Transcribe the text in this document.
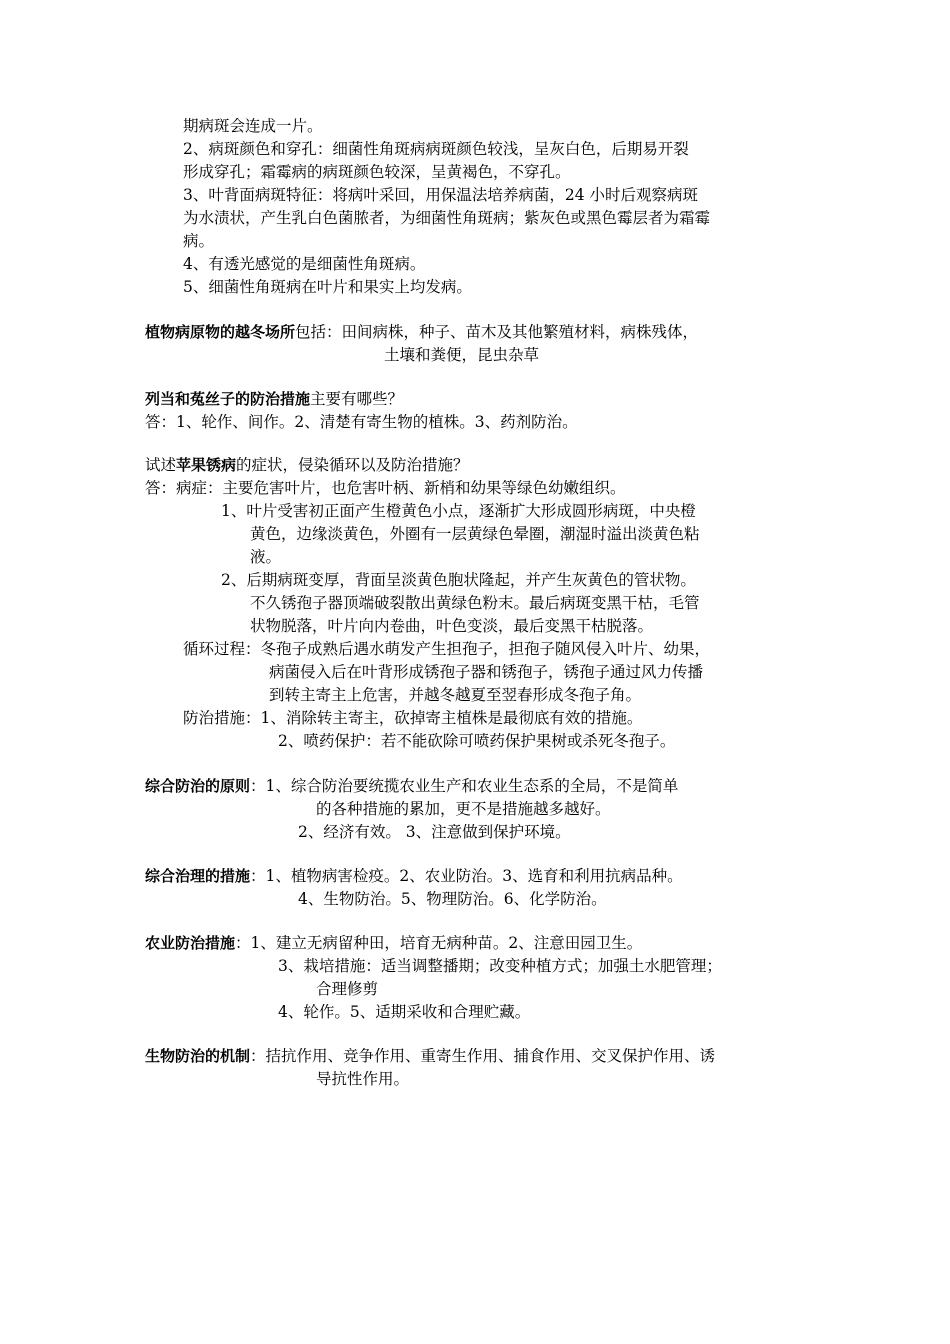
期病斑会连成一片。
2、病斑颜色和穿孔：细菌性角斑病病斑颜色较浅，呈灰白色，后期易开裂
形成穿孔；霜霉病的病斑颜色较深，呈黄褐色，不穿孔。
3、叶背面病斑特征：将病叶采回，用保温法培养病菌，24 小时后观察病斑
为水渍状，产生乳白色菌脓者，为细菌性角斑病；紫灰色或黑色霉层者为霜霉
病。
4、有透光感觉的是细菌性角斑病。
5、细菌性角斑病在叶片和果实上均发病。
植物病原物的越冬场所包括：田间病株，种子、苗木及其他繁殖材料，病株残体，
土壤和粪便，昆虫杂草
列当和菟丝子的防治措施主要有哪些？
答：1、轮作、间作。2、清楚有寄生物的植株。3、药剂防治。
试述苹果锈病的症状，侵染循环以及防治措施？
答：病症：主要危害叶片，也危害叶柄、新梢和幼果等绿色幼嫩组织。
1、叶片受害初正面产生橙黄色小点，逐渐扩大形成圆形病斑，中央橙
黄色，边缘淡黄色，外圈有一层黄绿色晕圈，潮湿时溢出淡黄色粘
液。
2、后期病斑变厚，背面呈淡黄色胞状隆起，并产生灰黄色的管状物。
不久锈孢子器顶端破裂散出黄绿色粉末。最后病斑变黑干枯，毛管
状物脱落，叶片向内卷曲，叶色变淡，最后变黑干枯脱落。
循环过程：冬孢子成熟后遇水萌发产生担孢子，担孢子随风侵入叶片、幼果，
病菌侵入后在叶背形成锈孢子器和锈孢子，锈孢子通过风力传播
到转主寄主上危害，并越冬越夏至翌春形成冬孢子角。
防治措施：1、消除转主寄主，砍掉寄主植株是最彻底有效的措施。
2、喷药保护：若不能砍除可喷药保护果树或杀死冬孢子。
综合防治的原则：1、综合防治要统揽农业生产和农业生态系的全局，不是简单
的各种措施的累加，更不是措施越多越好。
2、经济有效。 3、注意做到保护环境。
综合治理的措施：1、植物病害检疫。2、农业防治。3、选育和利用抗病品种。
4、生物防治。5、物理防治。6、化学防治。
农业防治措施：1、建立无病留种田，培育无病种苗。2、注意田园卫生。
3、栽培措施：适当调整播期；改变种植方式；加强土水肥管理；
合理修剪
4、轮作。5、适期采收和合理贮藏。
生物防治的机制：拮抗作用、竞争作用、重寄生作用、捕食作用、交叉保护作用、诱
导抗性作用。
